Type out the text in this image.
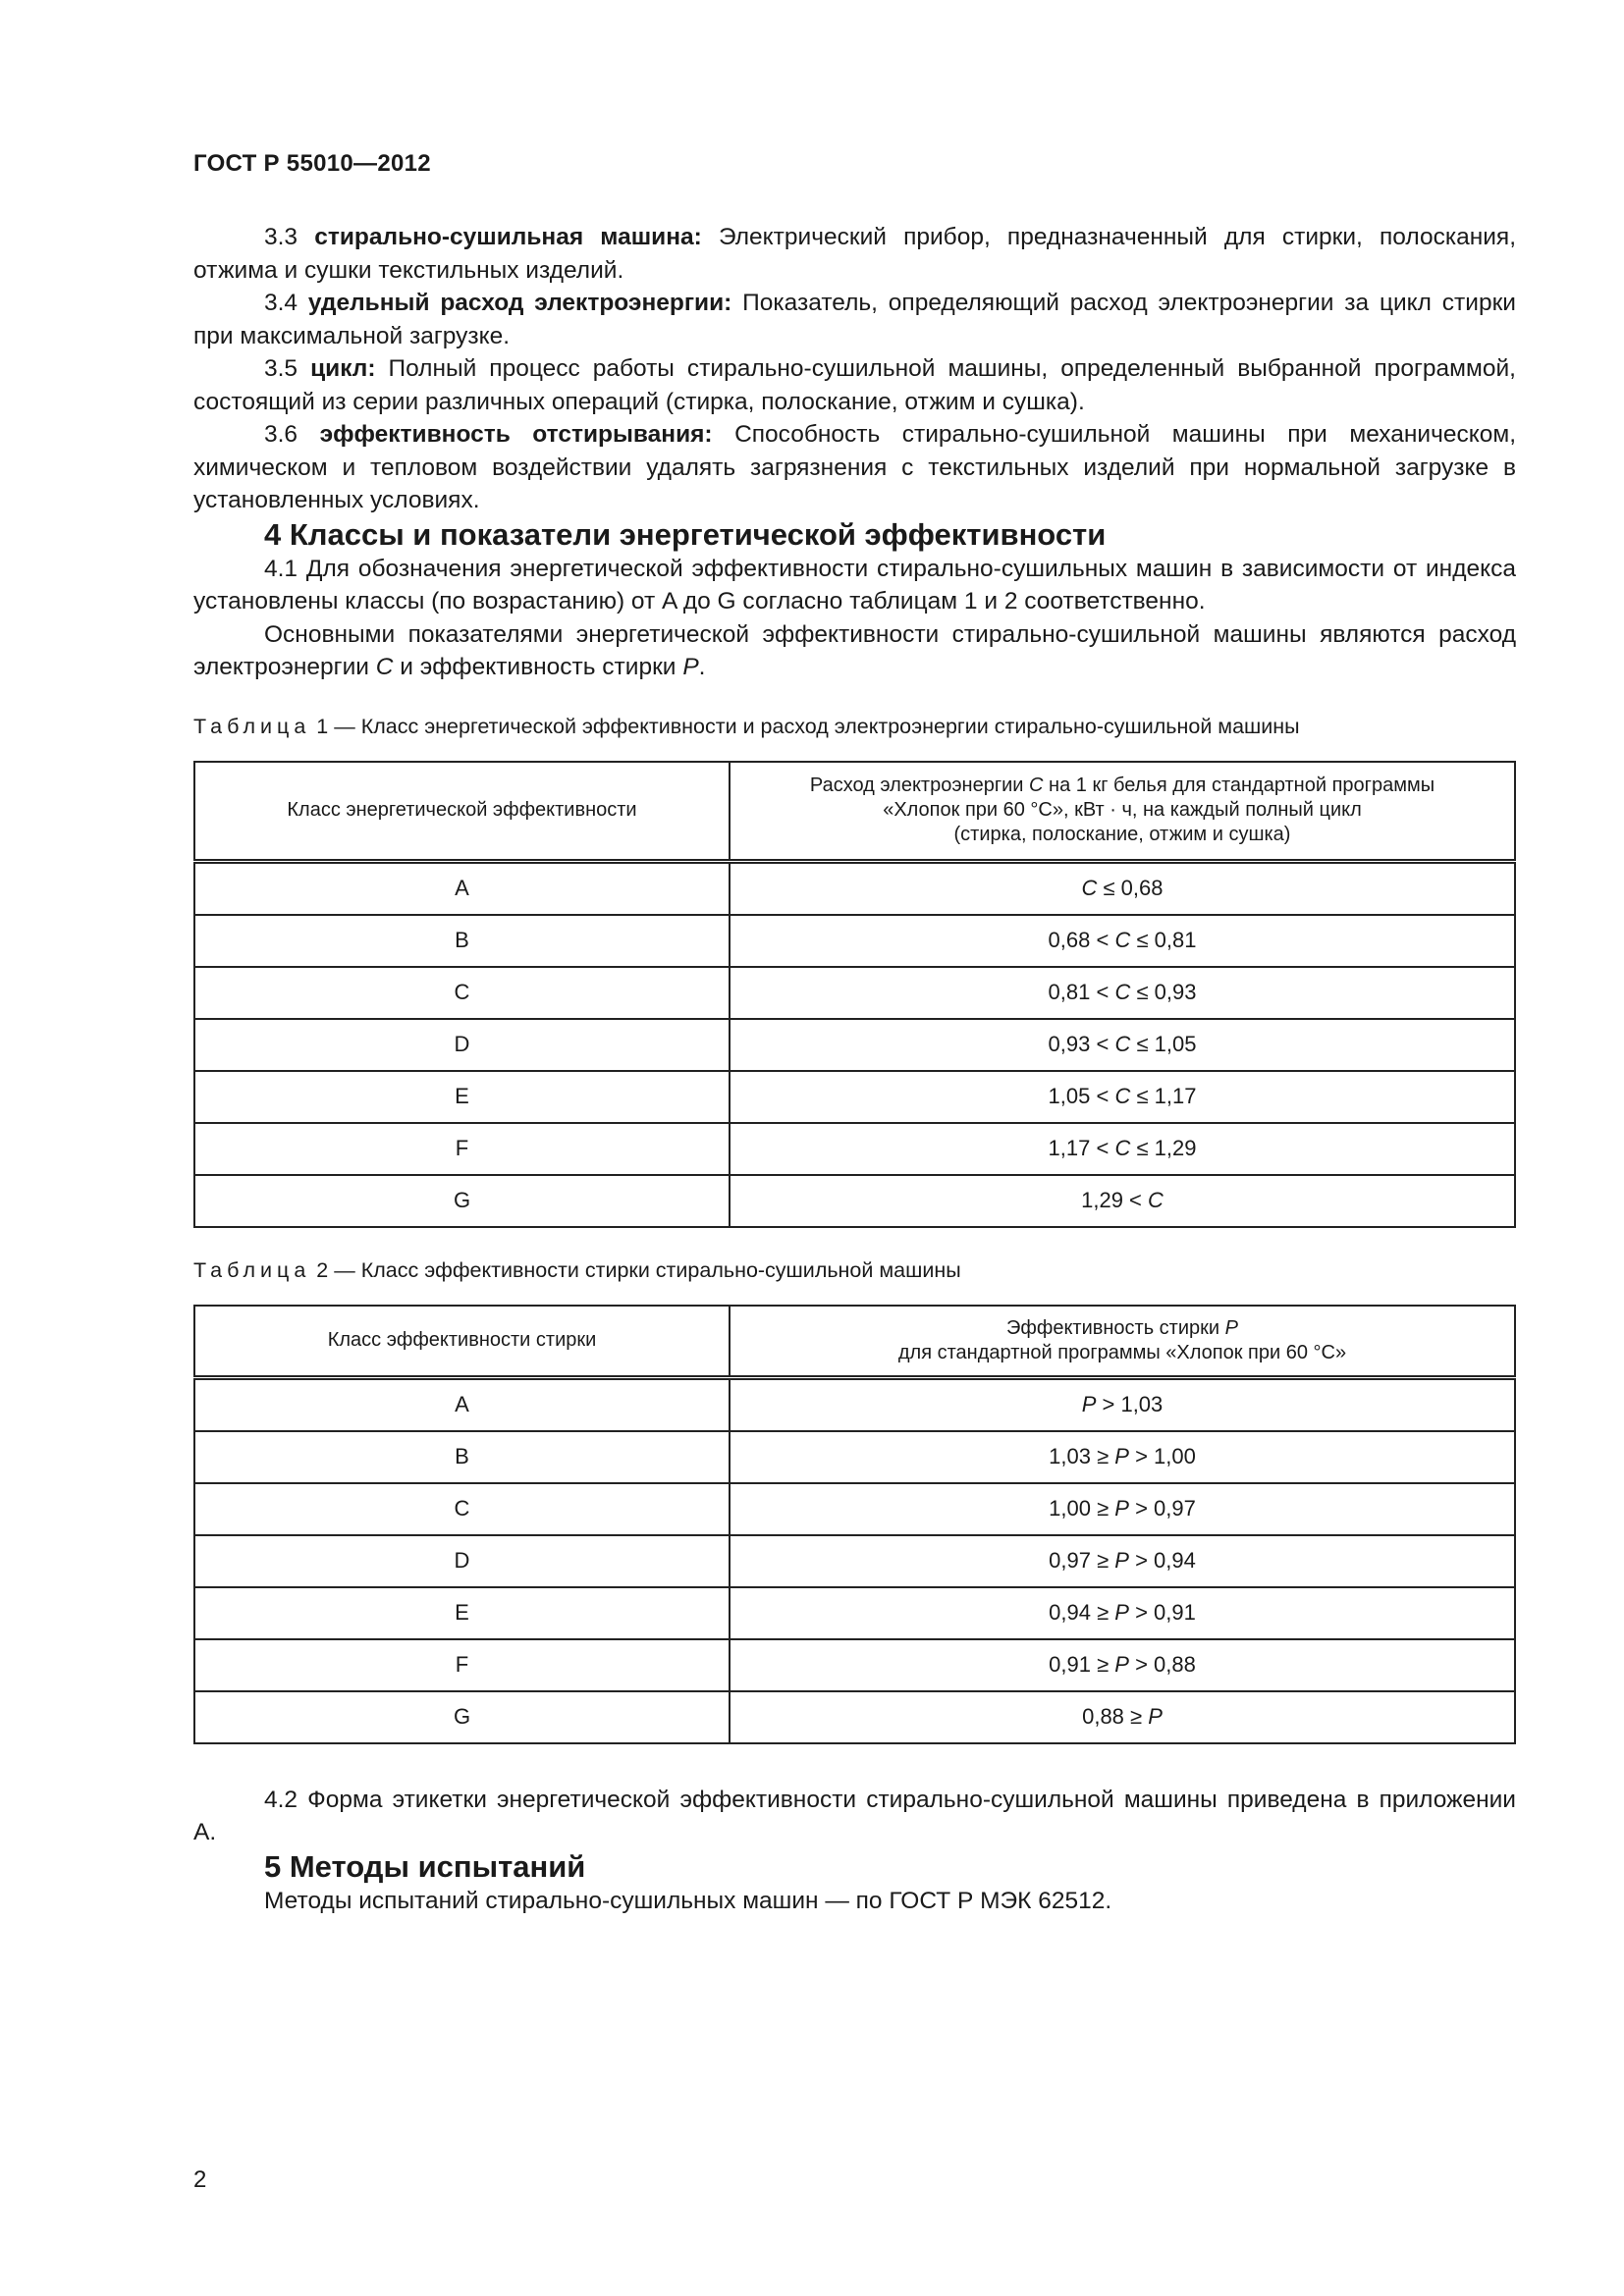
ГОСТ Р 55010—2012

3.3 стирально-сушильная машина: Электрический прибор, предназначенный для стирки, полоскания, отжима и сушки текстильных изделий.

3.4 удельный расход электроэнергии: Показатель, определяющий расход электроэнергии за цикл стирки при максимальной загрузке.

3.5 цикл: Полный процесс работы стирально-сушильной машины, определенный выбранной программой, состоящий из серии различных операций (стирка, полоскание, отжим и сушка).

3.6 эффективность отстирывания: Способность стирально-сушильной машины при механическом, химическом и тепловом воздействии удалять загрязнения с текстильных изделий при нормальной загрузке в установленных условиях.

4 Классы и показатели энергетической эффективности

4.1 Для обозначения энергетической эффективности стирально-сушильных машин в зависимости от индекса установлены классы (по возрастанию) от A до G согласно таблицам 1 и 2 соответственно.

Основными показателями энергетической эффективности стирально-сушильной машины являются расход электроэнергии C и эффективность стирки P.

Таблица 1 — Класс энергетической эффективности и расход электроэнергии стирально-сушильной машины
Класс энергетической эффективности	Расход электроэнергии C на 1 кг белья для стандартной программы
«Хлопок при 60 °C», кВт · ч, на каждый полный цикл
(стирка, полоскание, отжим и сушка)
A	C ≤ 0,68
B	0,68 < C ≤ 0,81
C	0,81 < C ≤ 0,93
D	0,93 < C ≤ 1,05
E	1,05 < C ≤ 1,17
F	1,17 < C ≤ 1,29
G	1,29 < C
Таблица 2 — Класс эффективности стирки стирально-сушильной машины
Класс эффективности стирки	Эффективность стирки P
для стандартной программы «Хлопок при 60 °C»
A	P > 1,03
B	1,03 ≥ P > 1,00
C	1,00 ≥ P > 0,97
D	0,97 ≥ P > 0,94
E	0,94 ≥ P > 0,91
F	0,91 ≥ P > 0,88
G	0,88 ≥ P

4.2 Форма этикетки энергетической эффективности стирально-сушильной машины приведена в приложении А.

5 Методы испытаний

Методы испытаний стирально-сушильных машин — по ГОСТ Р МЭК 62512.

2
